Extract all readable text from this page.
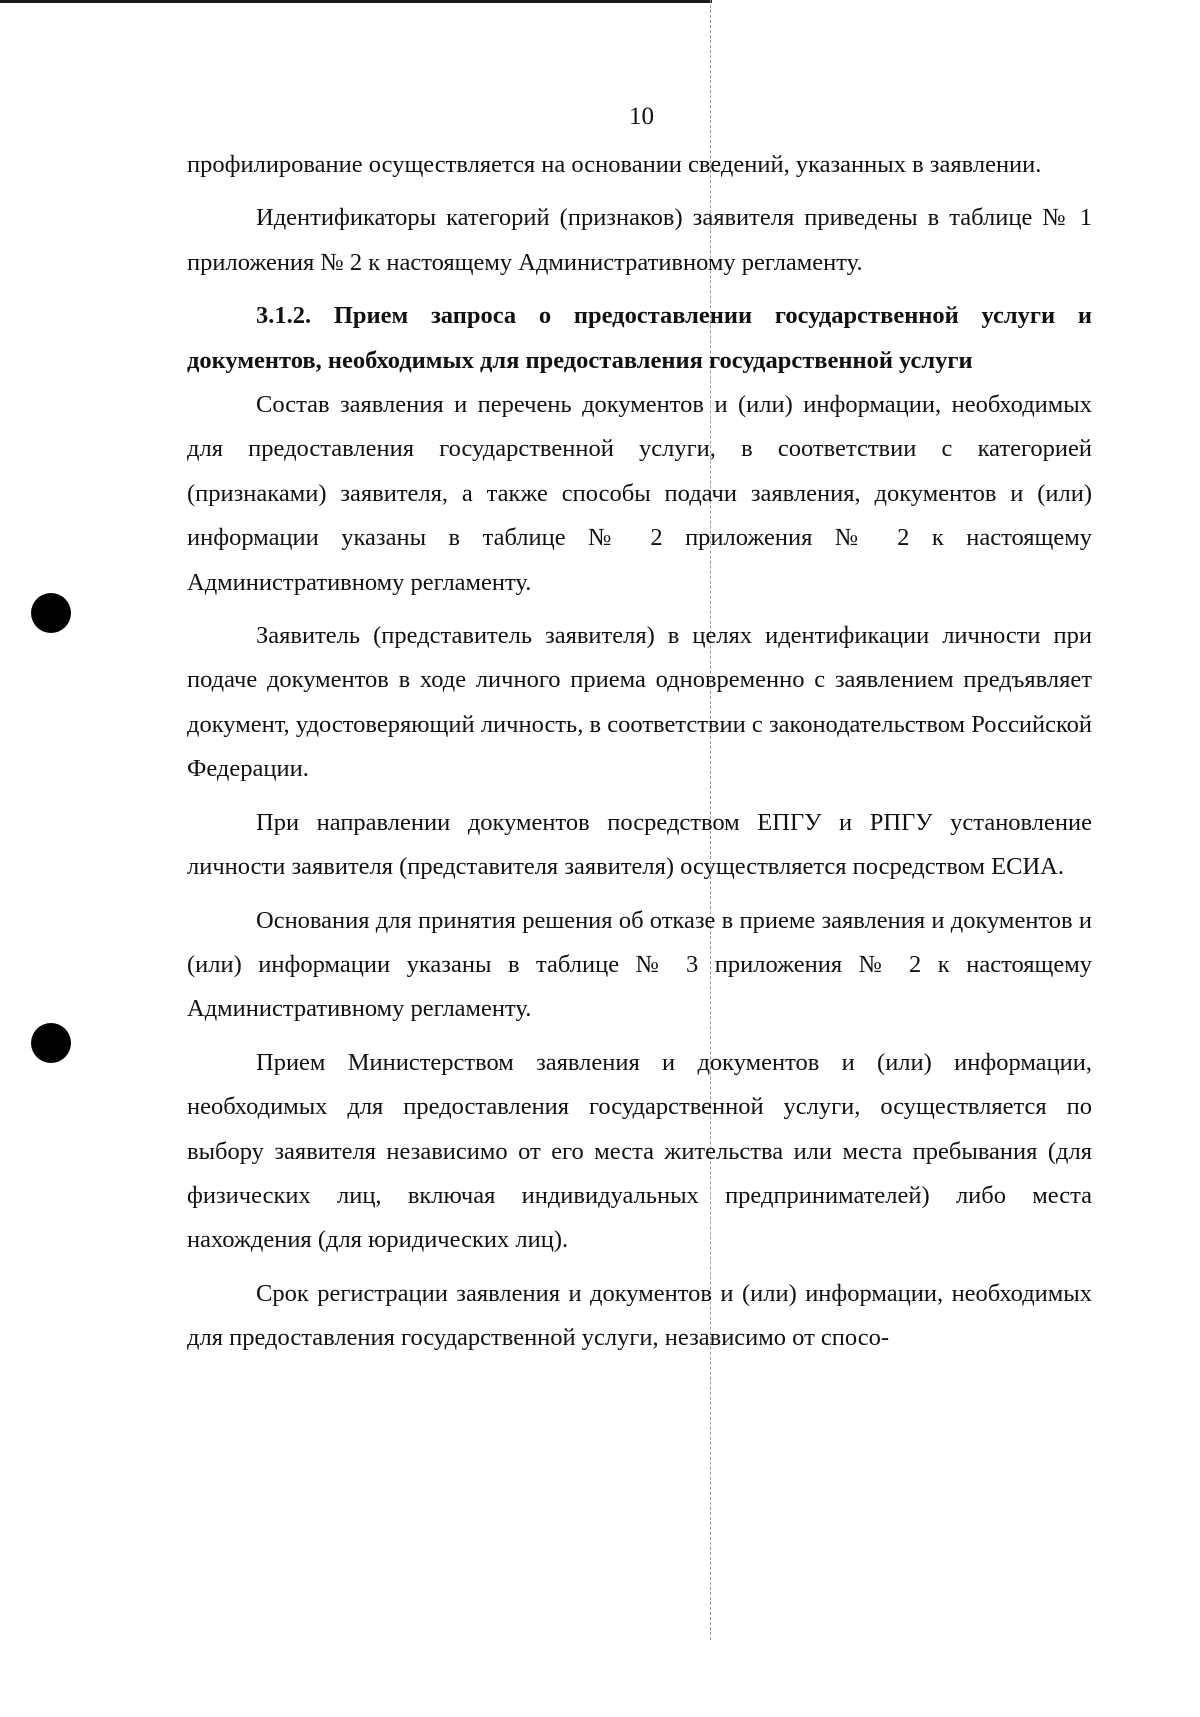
10

профилирование осуществляется на основании сведений, указанных в заявлении.

Идентификаторы категорий (признаков) заявителя приведены в таблице № 1 приложения № 2 к настоящему Административному регламенту.

3.1.2. Прием запроса о предоставлении государственной услуги и документов, необходимых для предоставления государственной услуги

Состав заявления и перечень документов и (или) информации, необходимых для предоставления государственной услуги, в соответствии с категорией (признаками) заявителя, а также способы подачи заявления, документов и (или) информации указаны в таблице № 2 приложения № 2 к настоящему Административному регламенту.

Заявитель (представитель заявителя) в целях идентификации личности при подаче документов в ходе личного приема одновременно с заявлением предъявляет документ, удостоверяющий личность, в соответствии с законодательством Российской Федерации.

При направлении документов посредством ЕПГУ и РПГУ установление личности заявителя (представителя заявителя) осуществляется посредством ЕСИА.

Основания для принятия решения об отказе в приеме заявления и документов и (или) информации указаны в таблице № 3 приложения № 2 к настоящему Административному регламенту.

Прием Министерством заявления и документов и (или) информации, необходимых для предоставления государственной услуги, осуществляется по выбору заявителя независимо от его места жительства или места пребывания (для физических лиц, включая индивидуальных предпринимателей) либо места нахождения (для юридических лиц).

Срок регистрации заявления и документов и (или) информации, необходимых для предоставления государственной услуги, независимо от спосо-
